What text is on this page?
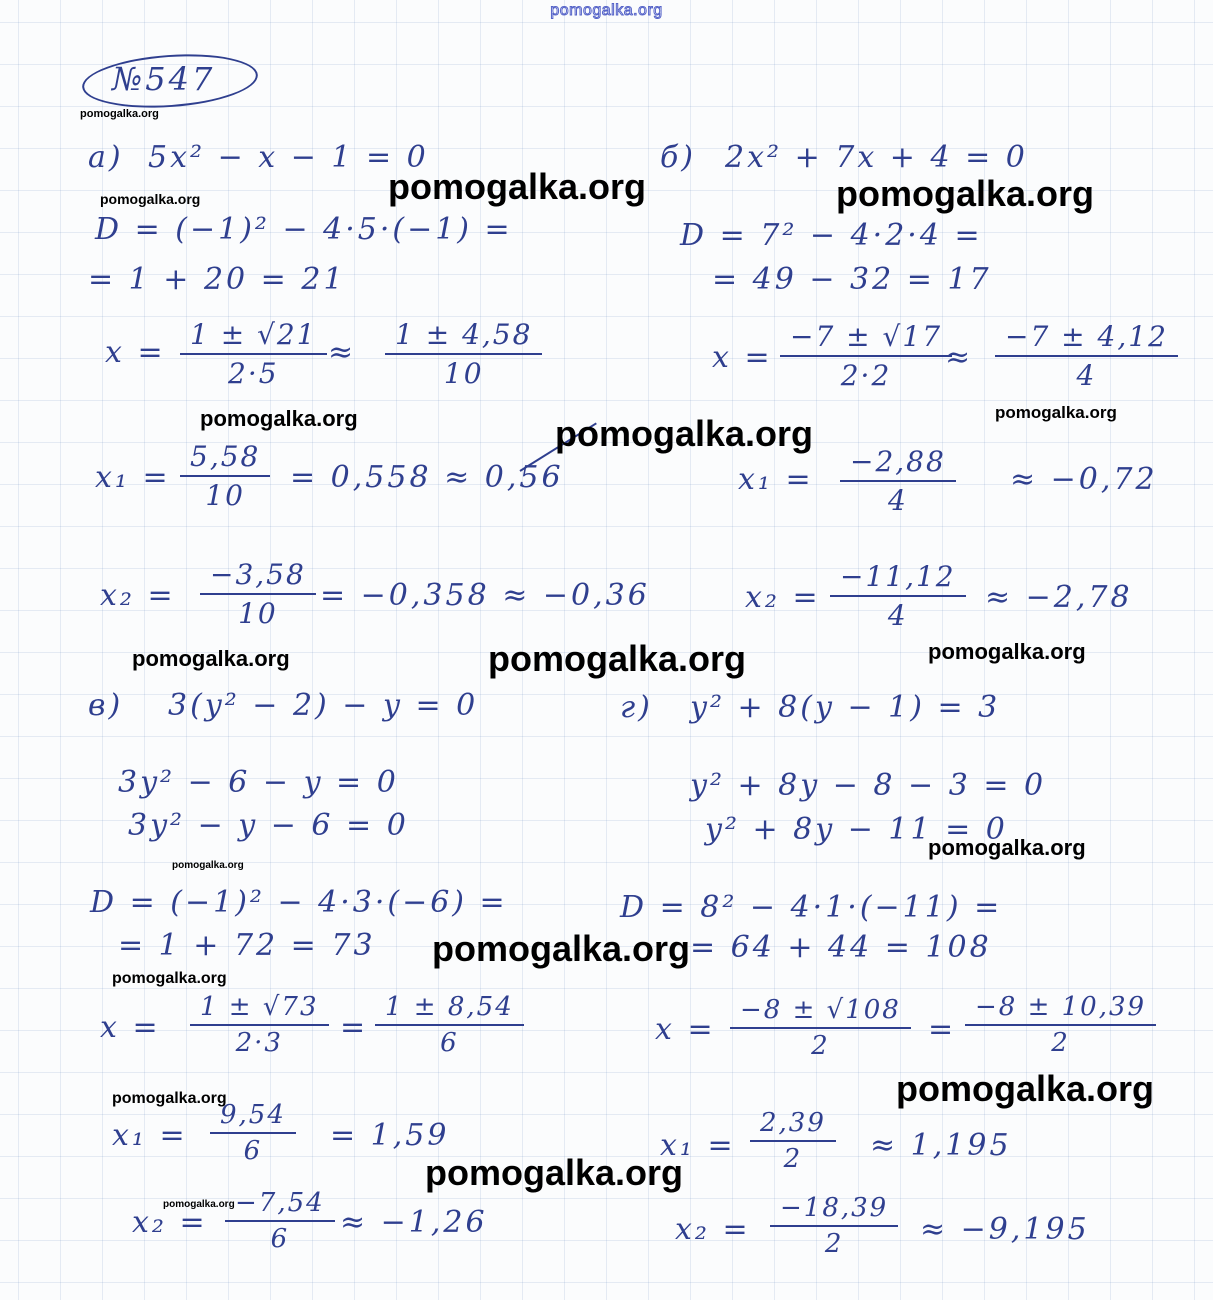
pomogalka.org
№547
а) 5x² − x − 1 = 0
D = (−1)² − 4·5·(−1) =
= 1 + 20 = 21
$x = \frac{1 \pm √21}{2\cdot 5} \approx \frac{1 \pm 4,58}{10}$
$x_1 = \frac{5,58}{10} = 0,558 \approx 0,56$
$x_2 = \frac{-3,58}{10} = -0,358 \approx -0,36$
б) 2x² + 7x + 4 = 0
D = 7² − 4·2·4 =
= 49 − 32 = 17
$x = \frac{-7 \pm √17}{2\cdot 2}$
≈ $\frac{-7 \pm 4,12}{4}$
$x_1 = \frac{-2,88}{4} \approx -0,72$
$x_2 = \frac{-11,12}{4} \approx -2,78$
в) 3(y² − 2) − y = 0
3y² − 6 − y = 0
3y² − y − 6 = 0
D = (−1)² − 4·3·(−6) =
= 1 + 72 = 73
$x = \frac{1 \pm √73}{2\cdot 3} = \frac{1 \pm 8,54}{6}$
$x_1 = \frac{9,54}{6} = 1,59$
$x_2 = \frac{-7,54}{6} \approx -1,26$
г) y² + 8(y − 1) = 3
y² + 8y − 8 − 3 = 0
y² + 8y − 11 = 0
D = 8² − 4·1·(−11) =
= 64 + 44 = 108
$x = \frac{-8 \pm √108}{2} = \frac{-8 \pm 10,39}{2}$
$x_1 = \frac{2,39}{2} \approx 1,195$
$x_2 = \frac{-18,39}{2} \approx -9,195$
pomogalka.org
pomogalka.org	pomogalka.org	pomogalka.org
pomogalka.org	pomogalka.org
pomogalka.org
pomogalka.org	pomogalka.org	pomogalka.org
pomogalka.org
pomogalka.org
pomogalka.org
pomogalka.org
pomogalka.org
pomogalka.org
pomogalka.org
pomogalka.org
